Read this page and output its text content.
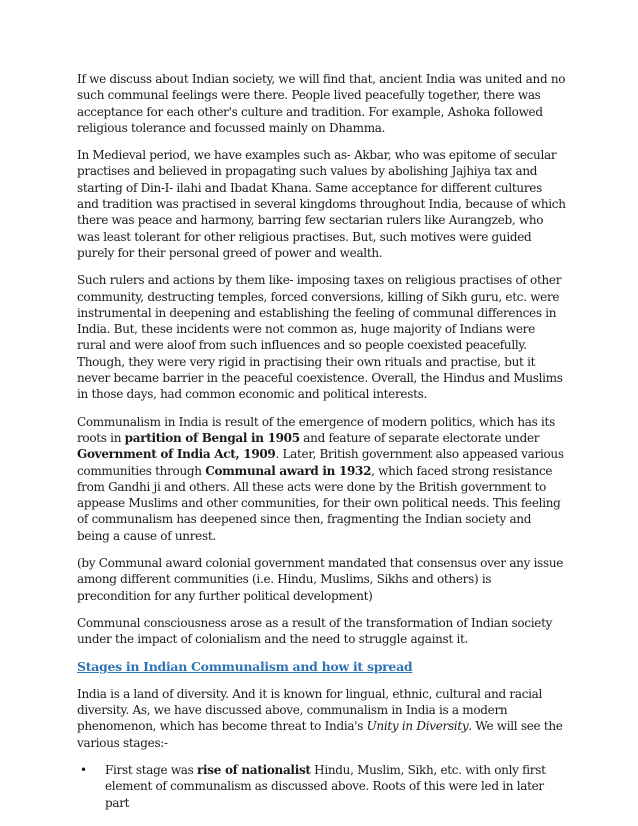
If we discuss about Indian society, we will find that, ancient India was united and no such communal feelings were there. People lived peacefully together, there was acceptance for each other's culture and tradition. For example, Ashoka followed religious tolerance and focussed mainly on Dhamma.

In Medieval period, we have examples such as- Akbar, who was epitome of secular practises and believed in propagating such values by abolishing Jajhiya tax and starting of Din-I- ilahi and Ibadat Khana. Same acceptance for different cultures and tradition was practised in several kingdoms throughout India, because of which there was peace and harmony, barring few sectarian rulers like Aurangzeb, who was least tolerant for other religious practises. But, such motives were guided purely for their personal greed of power and wealth.

Such rulers and actions by them like- imposing taxes on religious practises of other community, destructing temples, forced conversions, killing of Sikh guru, etc. were instrumental in deepening and establishing the feeling of communal differences in India. But, these incidents were not common as, huge majority of Indians were rural and were aloof from such influences and so people coexisted peacefully. Though, they were very rigid in practising their own rituals and practise, but it never became barrier in the peaceful coexistence. Overall, the Hindus and Muslims in those days, had common economic and political interests.

Communalism in India is result of the emergence of modern politics, which has its roots in partition of Bengal in 1905 and feature of separate electorate under Government of India Act, 1909. Later, British government also appeased various communities through Communal award in 1932, which faced strong resistance from Gandhi ji and others. All these acts were done by the British government to appease Muslims and other communities, for their own political needs. This feeling of communalism has deepened since then, fragmenting the Indian society and being a cause of unrest.

(by Communal award colonial government mandated that consensus over any issue among different communities (i.e. Hindu, Muslims, Sikhs and others) is precondition for any further political development)

Communal consciousness arose as a result of the transformation of Indian society under the impact of colonialism and the need to struggle against it.

Stages in Indian Communalism and how it spread

India is a land of diversity. And it is known for lingual, ethnic, cultural and racial diversity. As, we have discussed above, communalism in India is a modern phenomenon, which has become threat to India's Unity in Diversity. We will see the various stages:-

• First stage was rise of nationalist Hindu, Muslim, Sikh, etc. with only first element of communalism as discussed above. Roots of this were led in later part
